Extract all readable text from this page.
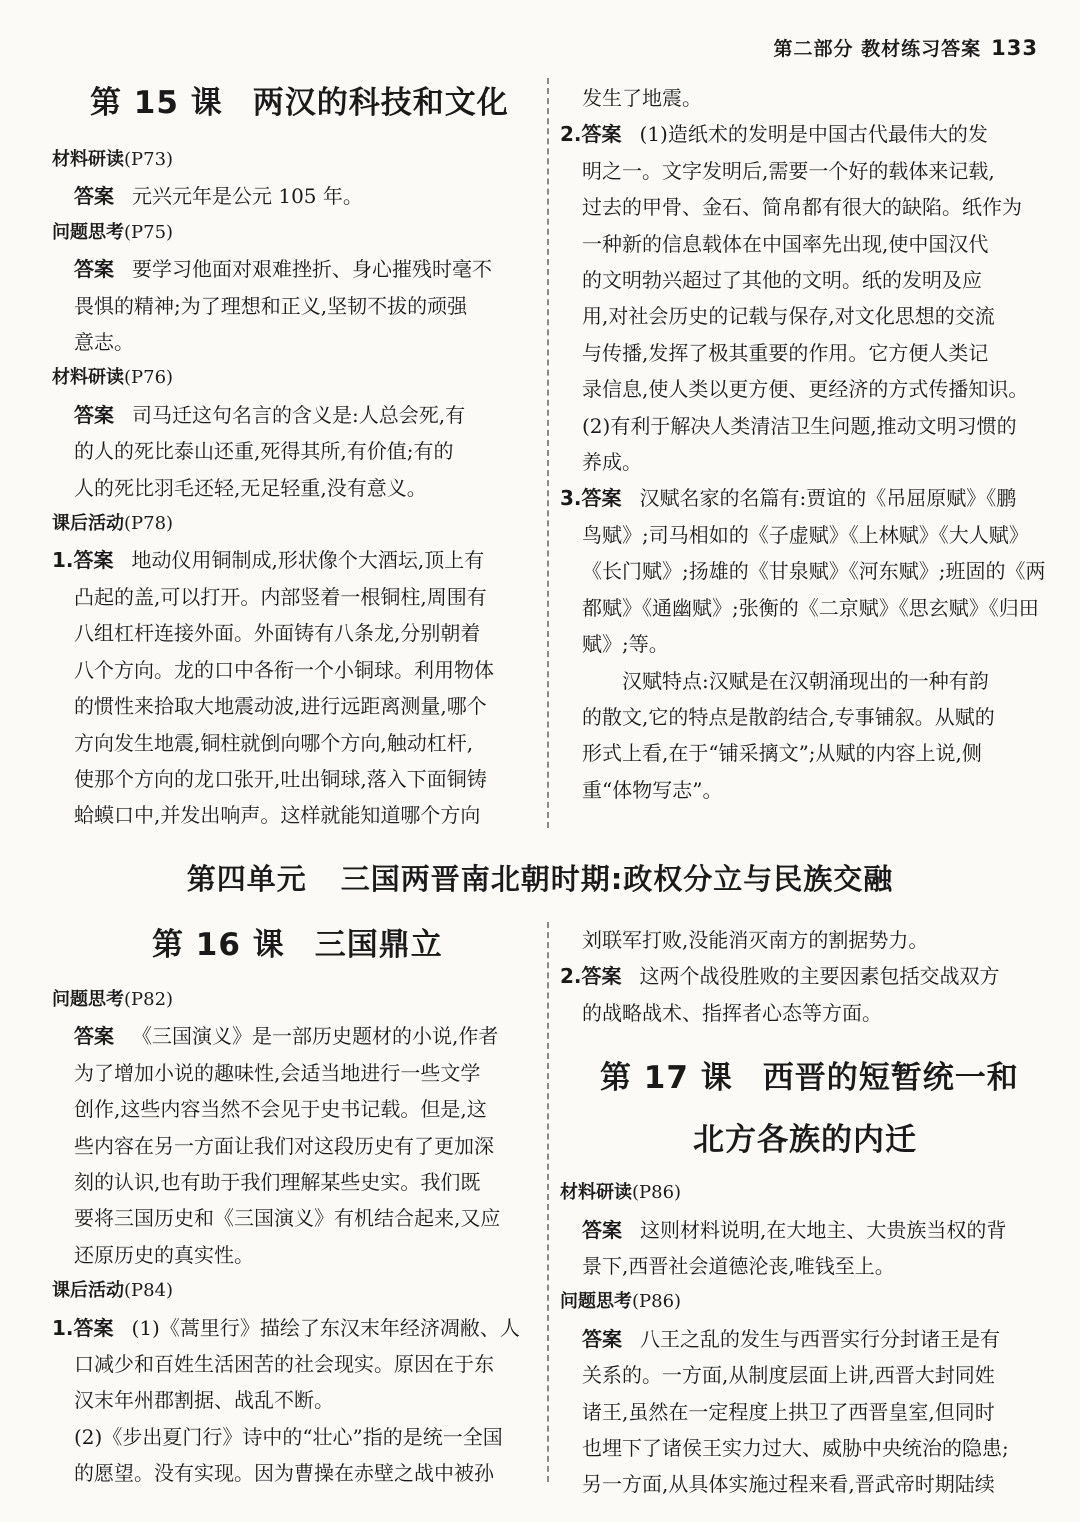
第二部分 教材练习答案 133

第 15 课 两汉的科技和文化

材料研读(P73)

答案 元兴元年是公元 105 年。

问题思考(P75)

答案 要学习他面对艰难挫折、身心摧残时毫不

畏惧的精神;为了理想和正义,坚韧不拔的顽强

意志。

材料研读(P76)

答案 司马迁这句名言的含义是:人总会死,有

的人的死比泰山还重,死得其所,有价值;有的

人的死比羽毛还轻,无足轻重,没有意义。

课后活动(P78)

1.答案 地动仪用铜制成,形状像个大酒坛,顶上有

凸起的盖,可以打开。内部竖着一根铜柱,周围有

八组杠杆连接外面。外面铸有八条龙,分别朝着

八个方向。龙的口中各衔一个小铜球。利用物体

的惯性来拾取大地震动波,进行远距离测量,哪个

方向发生地震,铜柱就倒向哪个方向,触动杠杆,

使那个方向的龙口张开,吐出铜球,落入下面铜铸

蛤蟆口中,并发出响声。这样就能知道哪个方向

发生了地震。

2.答案 (1)造纸术的发明是中国古代最伟大的发

明之一。文字发明后,需要一个好的载体来记载,

过去的甲骨、金石、简帛都有很大的缺陷。纸作为

一种新的信息载体在中国率先出现,使中国汉代

的文明勃兴超过了其他的文明。纸的发明及应

用,对社会历史的记载与保存,对文化思想的交流

与传播,发挥了极其重要的作用。它方便人类记

录信息,使人类以更方便、更经济的方式传播知识。

(2)有利于解决人类清洁卫生问题,推动文明习惯的

养成。

3.答案 汉赋名家的名篇有:贾谊的《吊屈原赋》《鹏

鸟赋》;司马相如的《子虚赋》《上林赋》《大人赋》

《长门赋》;扬雄的《甘泉赋》《河东赋》;班固的《两

都赋》《通幽赋》;张衡的《二京赋》《思玄赋》《归田

赋》;等。

汉赋特点:汉赋是在汉朝涌现出的一种有韵

的散文,它的特点是散韵结合,专事铺叙。从赋的

形式上看,在于“铺采摛文”;从赋的内容上说,侧

重“体物写志”。

第四单元 三国两晋南北朝时期:政权分立与民族交融

第 16 课 三国鼎立

问题思考(P82)

答案 《三国演义》是一部历史题材的小说,作者

为了增加小说的趣味性,会适当地进行一些文学

创作,这些内容当然不会见于史书记载。但是,这

些内容在另一方面让我们对这段历史有了更加深

刻的认识,也有助于我们理解某些史实。我们既

要将三国历史和《三国演义》有机结合起来,又应

还原历史的真实性。

课后活动(P84)

1.答案 (1)《蒿里行》描绘了东汉末年经济凋敝、人

口减少和百姓生活困苦的社会现实。原因在于东

汉末年州郡割据、战乱不断。

(2)《步出夏门行》诗中的“壮心”指的是统一全国

的愿望。没有实现。因为曹操在赤壁之战中被孙

刘联军打败,没能消灭南方的割据势力。

2.答案 这两个战役胜败的主要因素包括交战双方

的战略战术、指挥者心态等方面。

第 17 课 西晋的短暂统一和

北方各族的内迁

材料研读(P86)

答案 这则材料说明,在大地主、大贵族当权的背

景下,西晋社会道德沦丧,唯钱至上。

问题思考(P86)

答案 八王之乱的发生与西晋实行分封诸王是有

关系的。一方面,从制度层面上讲,西晋大封同姓

诸王,虽然在一定程度上拱卫了西晋皇室,但同时

也埋下了诸侯王实力过大、威胁中央统治的隐患;

另一方面,从具体实施过程来看,晋武帝时期陆续
